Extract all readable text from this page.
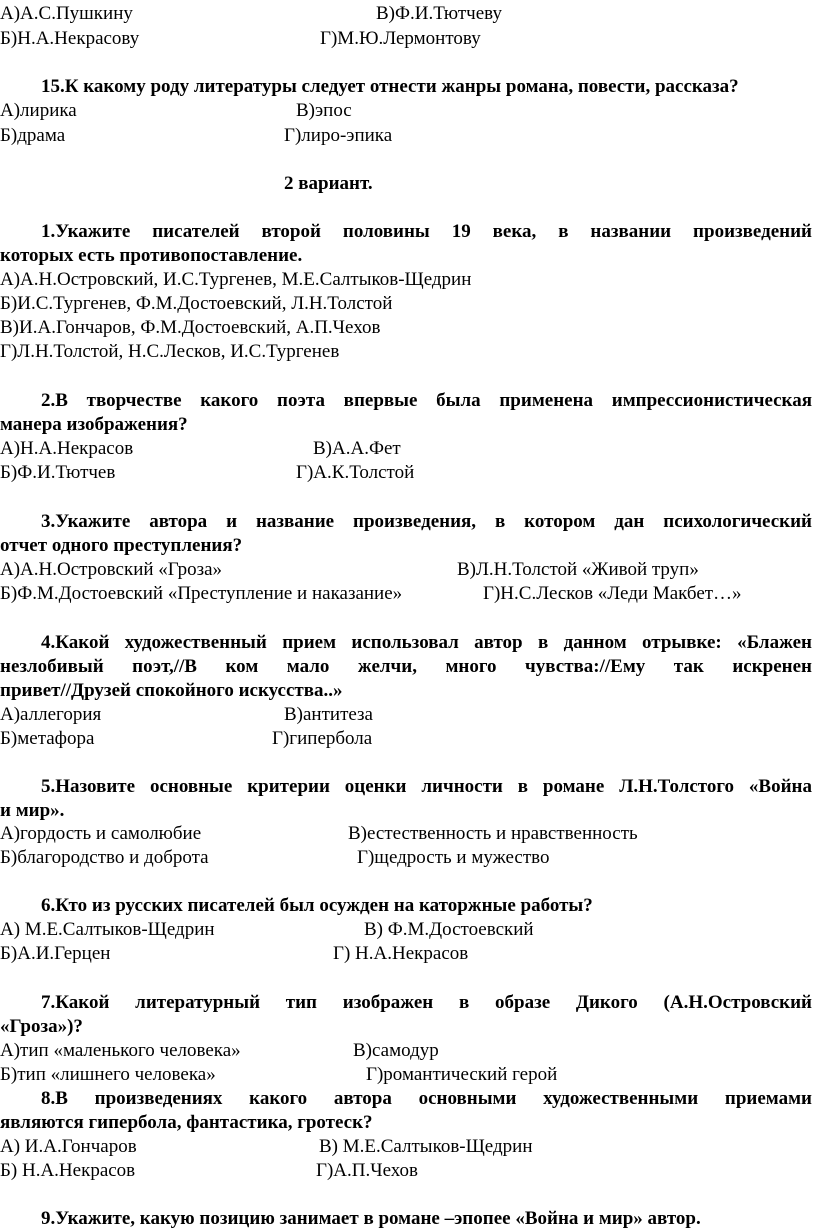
А)А.С.Пушкину	В)Ф.И.Тютчеву
Б)Н.А.Некрасову	Г)М.Ю.Лермонтову
15.К какому роду литературы следует отнести жанры романа, повести, рассказа?
А)лирика	В)эпос
Б)драма	Г)лиро-эпика
2 вариант.
1.Укажите писателей второй половины 19 века, в названии произведений
которых есть противопоставление.
А)А.Н.Островский, И.С.Тургенев, М.Е.Салтыков-Щедрин
Б)И.С.Тургенев, Ф.М.Достоевский, Л.Н.Толстой
В)И.А.Гончаров, Ф.М.Достоевский, А.П.Чехов
Г)Л.Н.Толстой, Н.С.Лесков, И.С.Тургенев
2.В творчестве какого поэта впервые была применена импрессионистическая
манера изображения?
А)Н.А.Некрасов	В)А.А.Фет
Б)Ф.И.Тютчев	Г)А.К.Толстой
3.Укажите автора и название произведения, в котором дан психологический
отчет одного преступления?
А)А.Н.Островский «Гроза»	В)Л.Н.Толстой «Живой труп»
Б)Ф.М.Достоевский «Преступление и наказание»	Г)Н.С.Лесков «Леди Макбет…»
4.Какой художественный прием использовал автор в данном отрывке: «Блажен
незлобивый поэт,//В ком мало желчи, много чувства://Ему так искренен
привет//Друзей спокойного искусства..»
А)аллегория	В)антитеза
Б)метафора	Г)гипербола
5.Назовите основные критерии оценки личности в романе Л.Н.Толстого «Война
и мир».
А)гордость и самолюбие	В)естественность и нравственность
Б)благородство и доброта	Г)щедрость и мужество
6.Кто из русских писателей был осужден на каторжные работы?
А) М.Е.Салтыков-Щедрин	В) Ф.М.Достоевский
Б)А.И.Герцен	Г) Н.А.Некрасов
7.Какой литературный тип изображен в образе Дикого (А.Н.Островский
«Гроза»)?
А)тип «маленького человека»	В)самодур
Б)тип «лишнего человека»	Г)романтический герой
8.В произведениях какого автора основными художественными приемами
являются гипербола, фантастика, гротеск?
А) И.А.Гончаров	В) М.Е.Салтыков-Щедрин
Б) Н.А.Некрасов	Г)А.П.Чехов
9.Укажите, какую позицию занимает в романе –эпопее «Война и мир» автор.
